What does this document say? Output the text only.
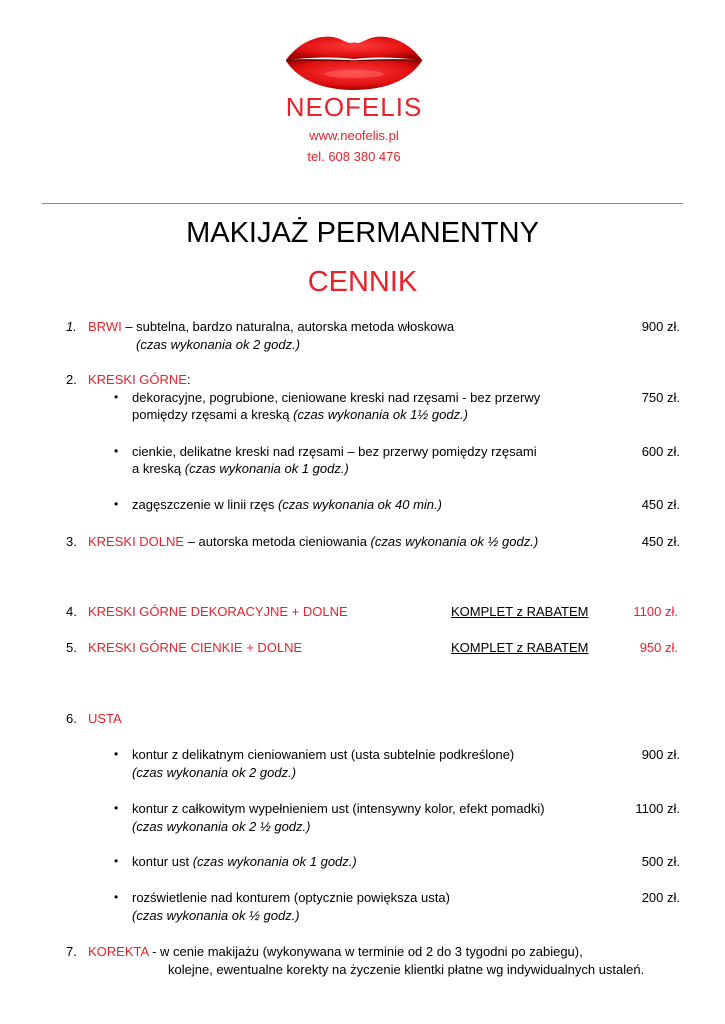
NEOFELIS
www.neofelis.pl
tel. 608 380 476
MAKIJAŻ PERMANENTNY
CENNIK
1. BRWI – subtelna, bardzo naturalna, autorska metoda włoskowa
(czas wykonania ok 2 godz.)
900 zł.
2. KRESKI GÓRNE:
• dekoracyjne, pogrubione, cieniowane kreski nad rzęsami - bez przerwy
pomiędzy rzęsami a kreską (czas wykonania ok 1½ godz.)
750 zł.
• cienkie, delikatne kreski nad rzęsami – bez przerwy pomiędzy rzęsami
a kreską (czas wykonania ok 1 godz.)
600 zł.
• zagęszczenie w linii rzęs (czas wykonania ok 40 min.)	450 zł.
3. KRESKI DOLNE – autorska metoda cieniowania (czas wykonania ok ½ godz.)	450 zł.
4. KRESKI GÓRNE DEKORACYJNE + DOLNE	KOMPLET z RABATEM	1100 zł.
5. KRESKI GÓRNE CIENKIE + DOLNE	KOMPLET z RABATEM	950 zł.
6. USTA
• kontur z delikatnym cieniowaniem ust (usta subtelnie podkreślone)
(czas wykonania ok 2 godz.)
900 zł.
• kontur z całkowitym wypełnieniem ust (intensywny kolor, efekt pomadki)
(czas wykonania ok 2 ½ godz.)
1100 zł.
• kontur ust (czas wykonania ok 1 godz.)	500 zł.
• rozświetlenie nad konturem (optycznie powiększa usta)
(czas wykonania ok ½ godz.)
200 zł.
7. KOREKTA - w cenie makijażu (wykonywana w terminie od 2 do 3 tygodni po zabiegu),
kolejne, ewentualne korekty na życzenie klientki płatne wg indywidualnych ustaleń.
